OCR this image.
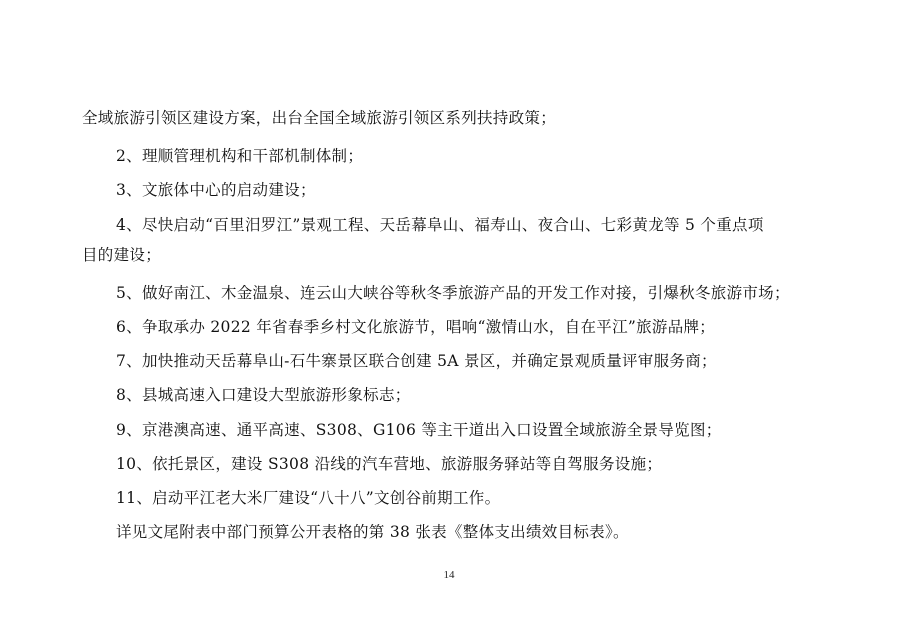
全域旅游引领区建设方案，出台全国全域旅游引领区系列扶持政策；
2、理顺管理机构和干部机制体制；
3、文旅体中心的启动建设；
4、尽快启动“百里汨罗江”景观工程、天岳幕阜山、福寿山、夜合山、七彩黄龙等 5 个重点项
目的建设；
5、做好南江、木金温泉、连云山大峡谷等秋冬季旅游产品的开发工作对接，引爆秋冬旅游市场；
6、争取承办 2022 年省春季乡村文化旅游节，唱响“激情山水，自在平江”旅游品牌；
7、加快推动天岳幕阜山-石牛寨景区联合创建 5A 景区，并确定景观质量评审服务商；
8、县城高速入口建设大型旅游形象标志；
9、京港澳高速、通平高速、S308、G106 等主干道出入口设置全域旅游全景导览图；
10、依托景区，建设 S308 沿线的汽车营地、旅游服务驿站等自驾服务设施；
11、启动平江老大米厂建设“八十八”文创谷前期工作。
详见文尾附表中部门预算公开表格的第 38 张表《整体支出绩效目标表》。
14
